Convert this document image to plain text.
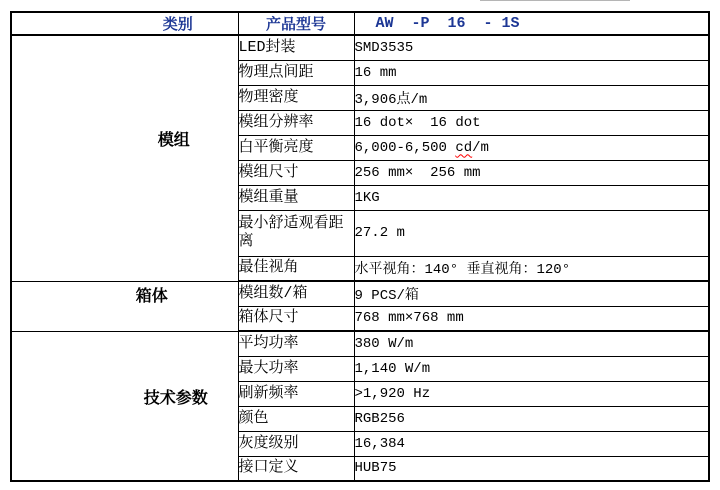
类别	产品型号	AW  -P  16  - 1S
模组	LED封装	SMD3535
	物理点间距	16 mm
	物理密度	3,906点/m
	模组分辨率	16 dot×  16 dot
	白平衡亮度	6,000-6,500 cd/m
	模组尺寸	256 mm×  256 mm
	模组重量	1KG
	最小舒适观看距离	27.2 m
	最佳视角	水平视角：140° 垂直视角：120°
箱体	模组数/箱	9 PCS/箱
	箱体尺寸	768 mm×768 mm
技术参数	平均功率	380 W/m
	最大功率	1,140 W/m
	刷新频率	>1,920 Hz
	颜色	RGB256
	灰度级别	16,384
	接口定义	HUB75
